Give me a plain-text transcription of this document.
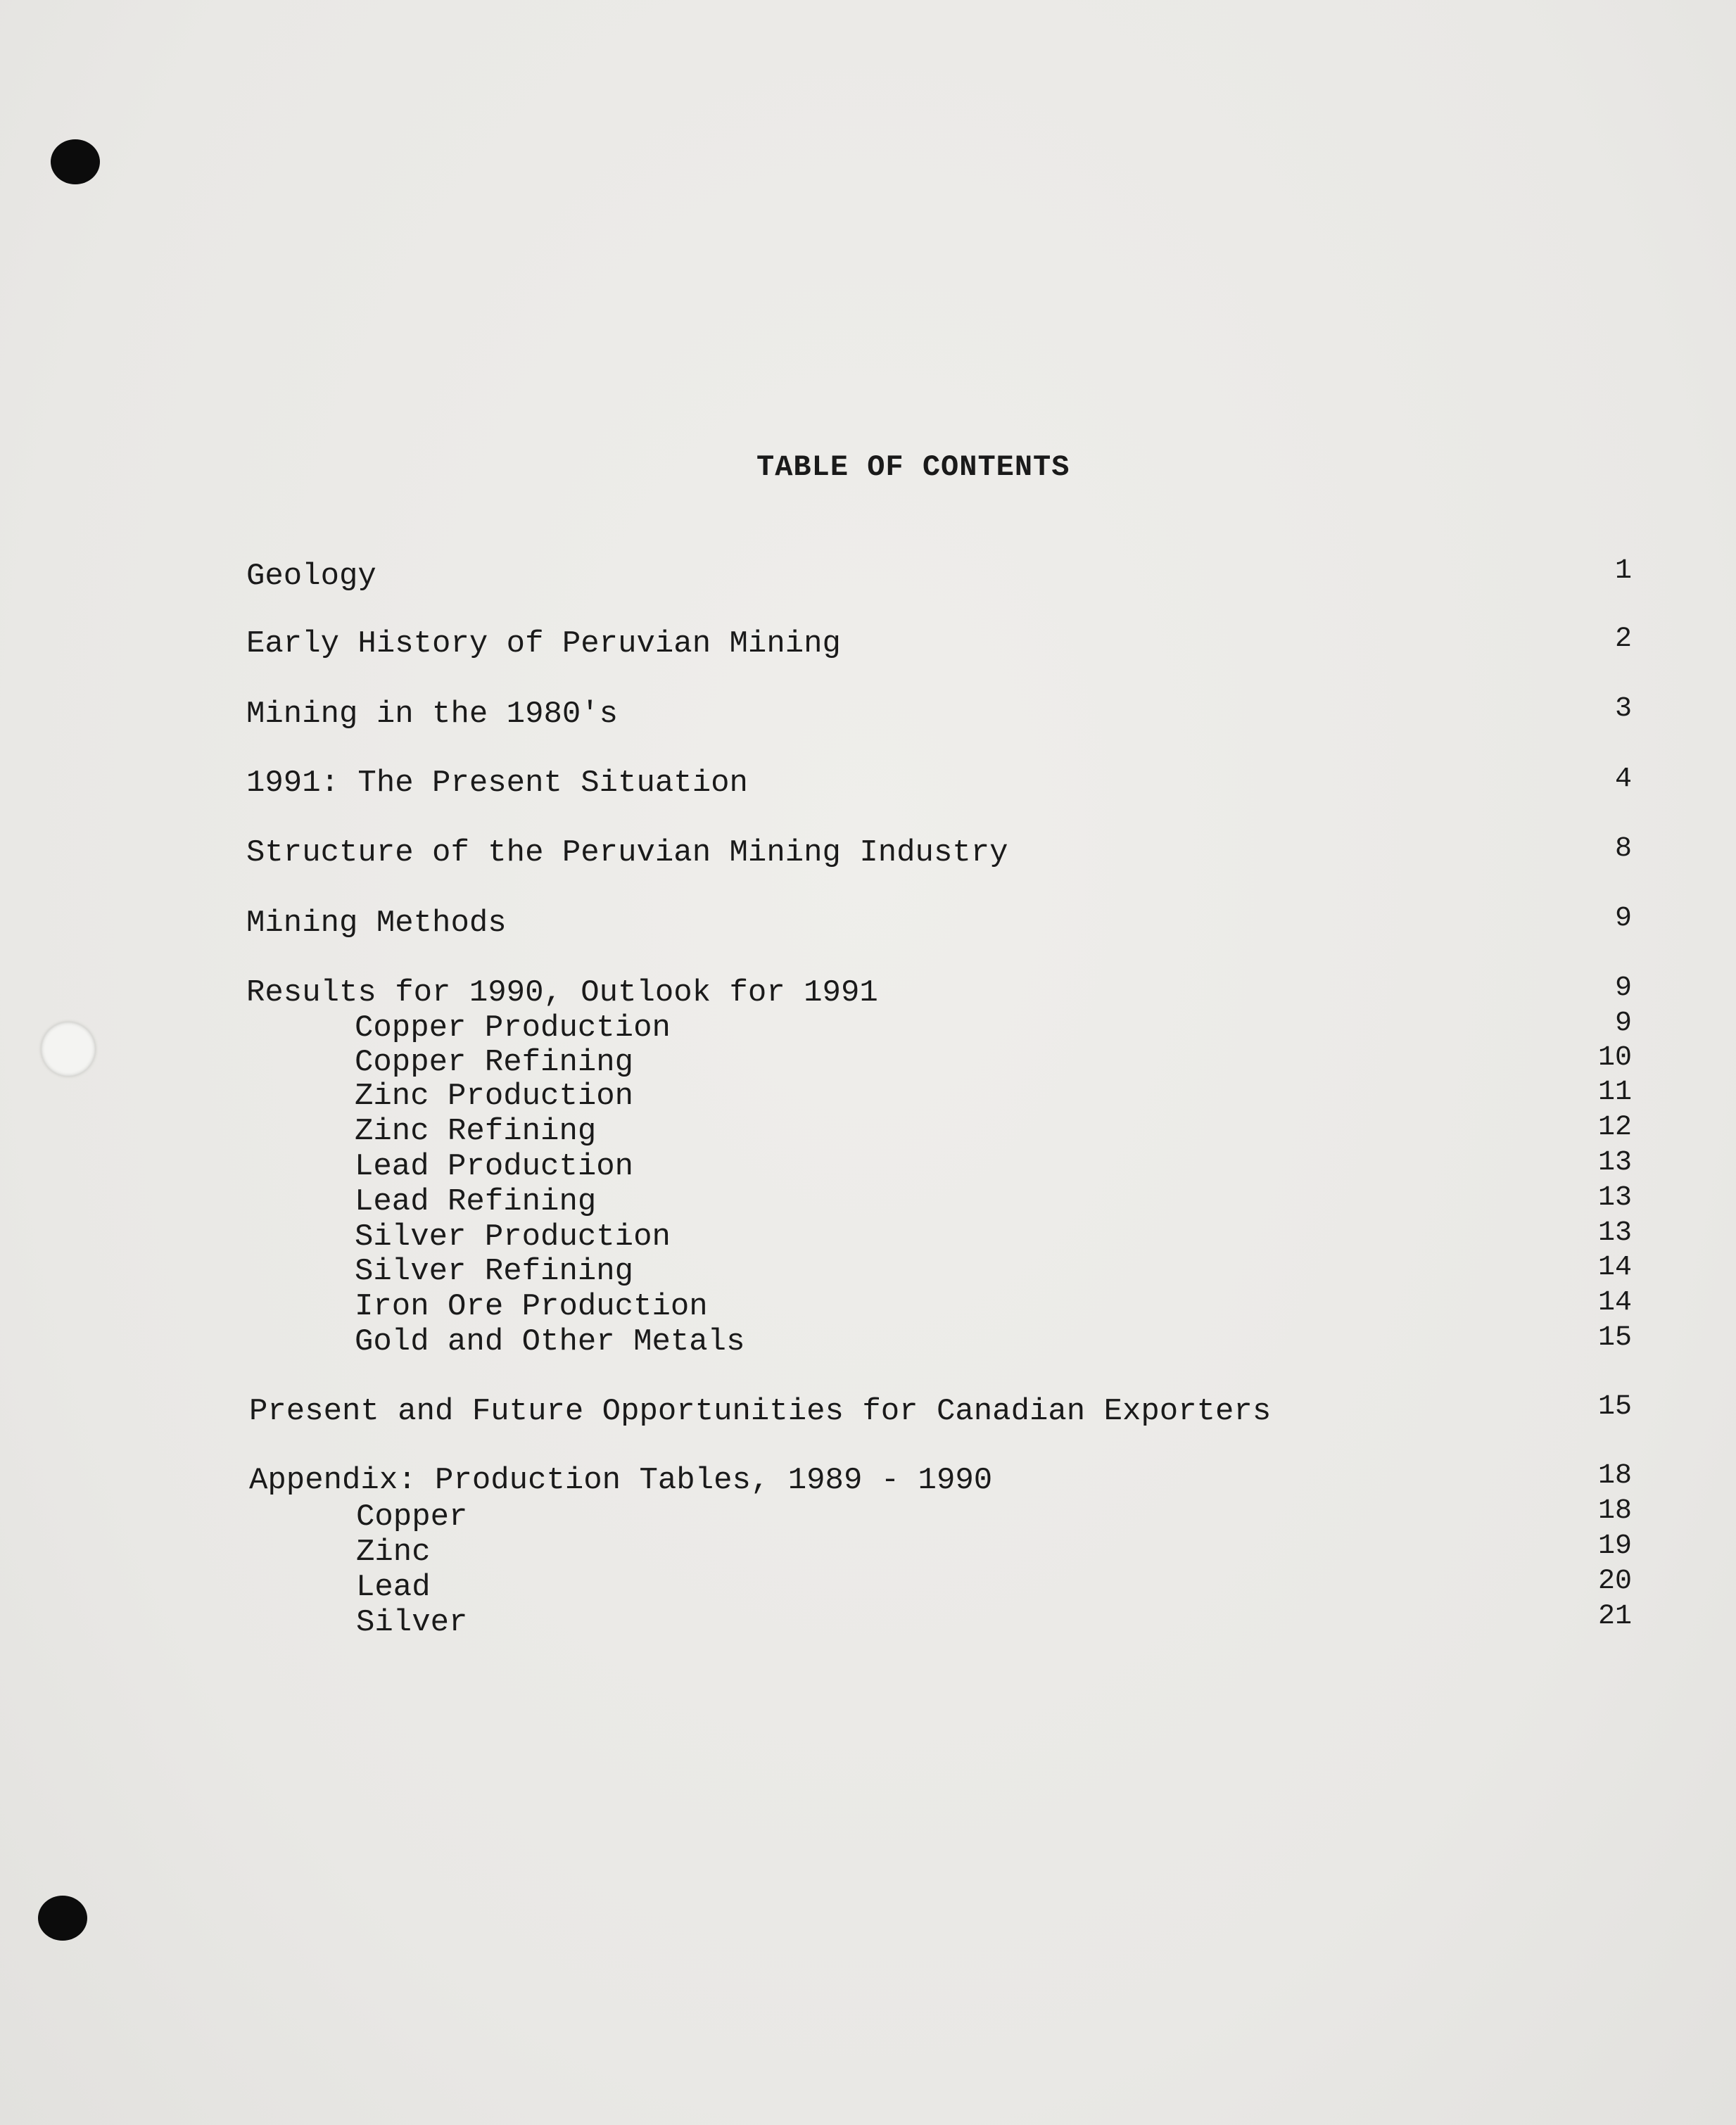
TABLE OF CONTENTS
Geology	1
Early History of Peruvian Mining	2
Mining in the 1980's	3
1991: The Present Situation	4
Structure of the Peruvian Mining Industry	8
Mining Methods	9
Results for 1990, Outlook for 1991	9
Copper Production	9
Copper Refining	10
Zinc Production	11
Zinc Refining	12
Lead Production	13
Lead Refining	13
Silver Production	13
Silver Refining	14
Iron Ore Production	14
Gold and Other Metals	15
Present and Future Opportunities for Canadian Exporters	15
Appendix: Production Tables, 1989 - 1990	18
Copper	18
Zinc	19
Lead	20
Silver	21
